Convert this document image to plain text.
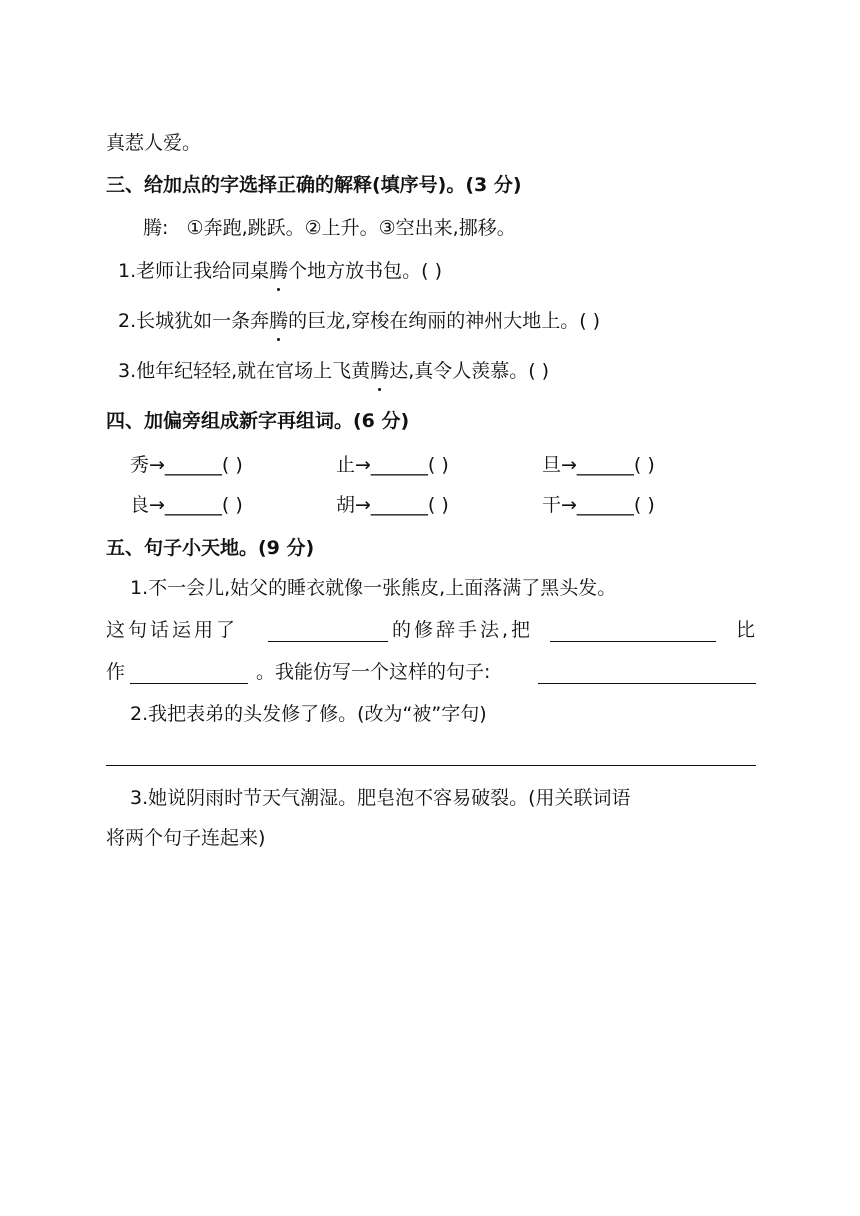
真惹人爱。
三、给加点的字选择正确的解释(填序号)。(3 分)
腾: ①奔跑,跳跃。②上升。③空出来,挪移。
1.老师让我给同桌腾个地方放书包。( )
2.长城犹如一条奔腾的巨龙,穿梭在绚丽的神州大地上。( )
3.他年纪轻轻,就在官场上飞黄腾达,真令人羡慕。( )
四、加偏旁组成新字再组词。(6 分)
秀→______( )	止→______( )	旦→______( )
良→______( )	胡→______( )	干→______( )
五、句子小天地。(9 分)
1.不一会儿,姑父的睡衣就像一张熊皮,上面落满了黑头发。
这句话运用了	的修辞手法,把	比
作	。我能仿写一个这样的句子:
2.我把表弟的头发修了修。(改为“被”字句)
3.她说阴雨时节天气潮湿。肥皂泡不容易破裂。(用关联词语
将两个句子连起来)
